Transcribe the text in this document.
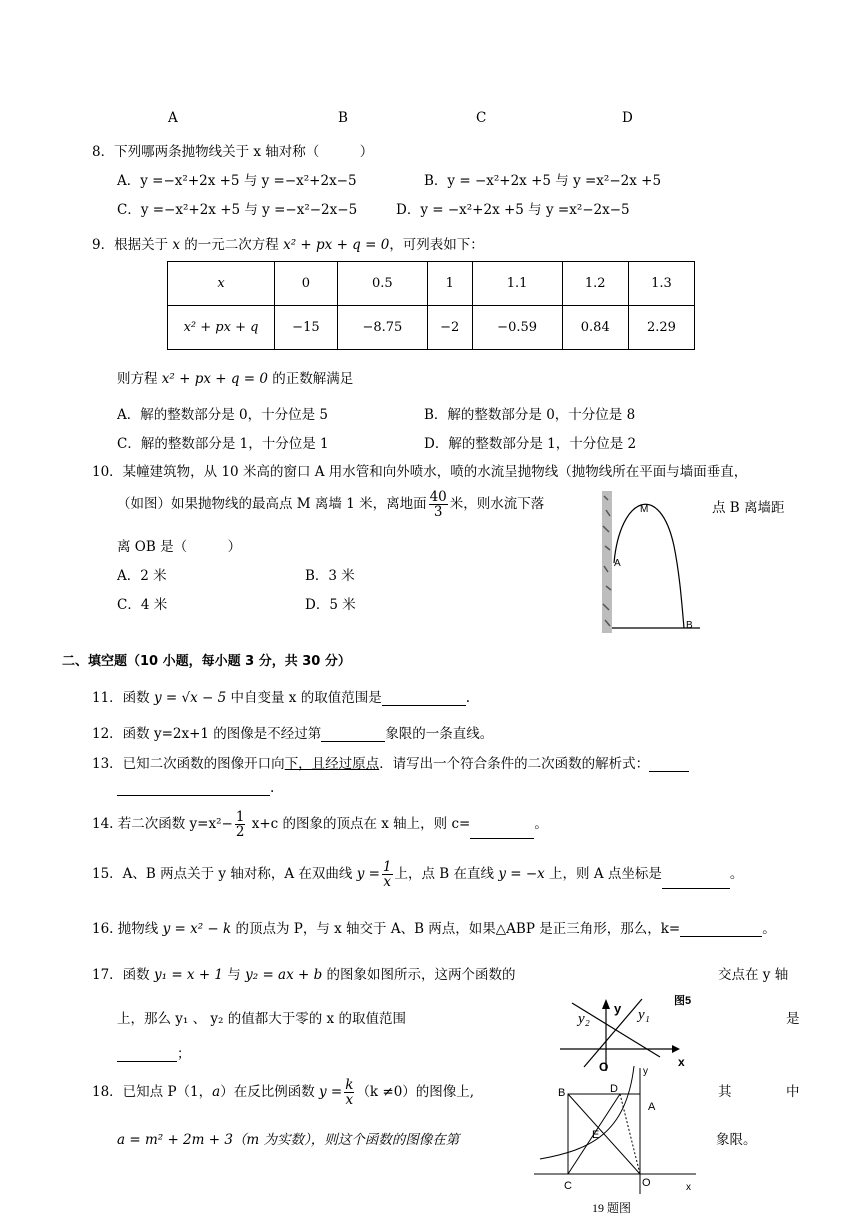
A	B	C	D
8．下列哪两条抛物线关于 x 轴对称（　　　）
A．y =−x²+2x +5 与 y =−x²+2x−5	B．y = −x²+2x +5 与 y =x²−2x +5
C．y =−x²+2x +5 与 y =−x²−2x−5	D．y = −x²+2x +5 与 y =x²−2x−5
9．根据关于 x 的一元二次方程 x² + px + q = 0，可列表如下：
x	0	0.5	1	1.1	1.2	1.3
x² + px + q	−15	−8.75	−2	−0.59	0.84	2.29
则方程 x² + px + q = 0 的正数解满足
A．解的整数部分是 0，十分位是 5	B．解的整数部分是 0，十分位是 8
C．解的整数部分是 1，十分位是 1	D．解的整数部分是 1，十分位是 2
10．某幢建筑物，从 10 米高的窗口 A 用水管和向外喷水，喷的水流呈抛物线（抛物线所在平面与墙面垂直，
（如图）如果抛物线的最高点 M 离墙 1 米，离地面 $\frac{40}{3}$ 米，则水流下落	点 B 离墙距
离 OB 是（　　　）
A．2 米	B．3 米
C．4 米	D．5 米
M
A
B
二、填空题（10 小题，每小题 3 分，共 30 分）
11．函数 y = √x − 5 中自变量 x 的取值范围是	.
12．函数 y=2x+1 的图像是不经过第	象限的一条直线。
13．已知二次函数的图像开口向下，且经过原点．请写出一个符合条件的二次函数的解析式：
.
14. 若二次函数 $y=x^2- \frac{1}{2} x+c$ 的图象的顶点在 x 轴上，则 c=	。
15．A、B 两点关于 y 轴对称，A 在双曲线 $y = \frac{1}{x}$ 上，点 B 在直线 y = −x 上，则 A 点坐标是	。
16. 抛物线 y = x² − k 的顶点为 P，与 x 轴交于 A、B 两点，如果△ABP 是正三角形，那么，k=	。
17．函数 y₁ = x + 1 与 y₂ = ax + b 的图象如图所示，这两个函数的	交点在 y 轴
上，那么 y₁ 、 y₂ 的值都大于零的 x 的取值范围	是
；
图5
y₂
y y₁
O	x
18．已知点 P（1，a）在反比例函数 $y = \frac{k}{x} (k \ne 0)$的图像上,	其	中
a = m² + 2m + 3（m 为实数），则这个函数的图像在第	象限。
y
B	D
A
E
C	O	x
19 题图
